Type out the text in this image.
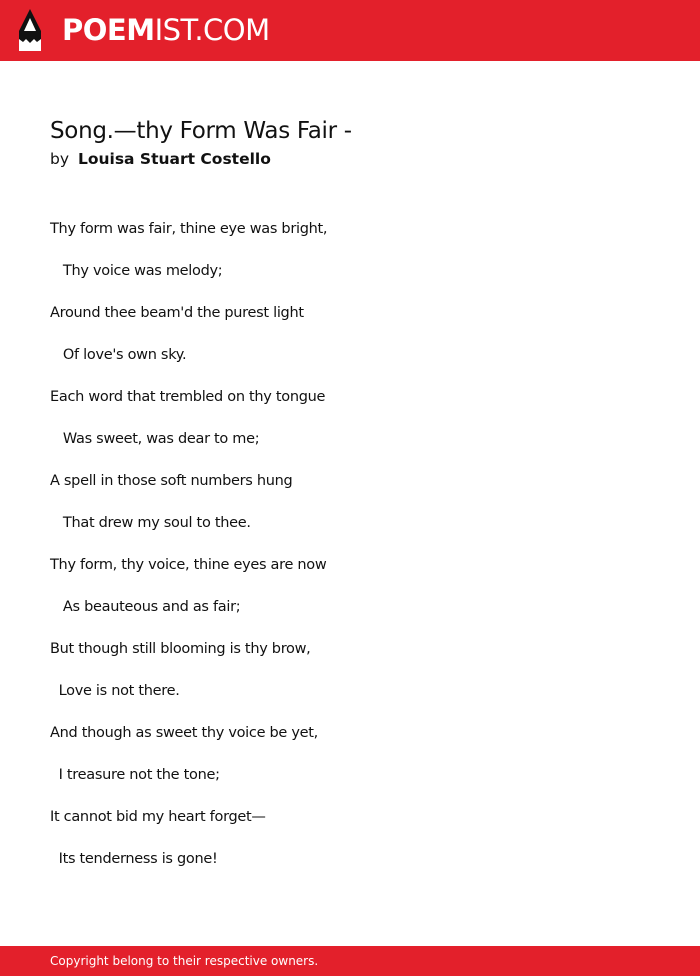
POEMIST.COM
Song.—thy Form Was Fair -
by Louisa Stuart Costello
Thy form was fair, thine eye was bright,
Thy voice was melody;
Around thee beam'd the purest light
Of love's own sky.
Each word that trembled on thy tongue
Was sweet, was dear to me;
A spell in those soft numbers hung
That drew my soul to thee.
Thy form, thy voice, thine eyes are now
As beauteous and as fair;
But though still blooming is thy brow,
Love is not there.
And though as sweet thy voice be yet,
I treasure not the tone;
It cannot bid my heart forget—
Its tenderness is gone!
Copyright belong to their respective owners.
